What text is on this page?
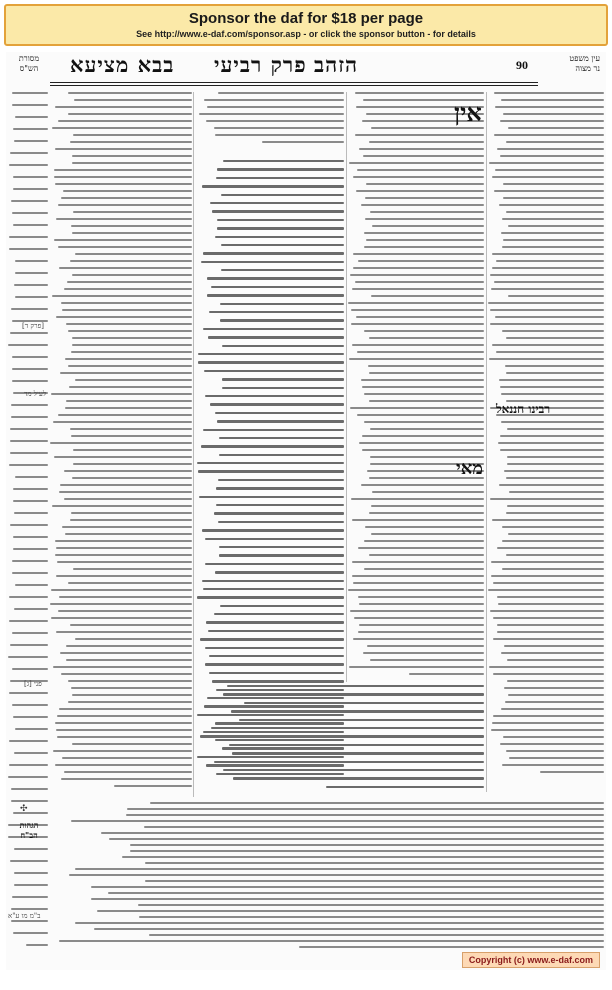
Sponsor the daf for $18 per page
See http://www.e-daf.com/sponsor.asp - or click the sponsor button - for details
מסורת
הש"ס	בבא מציעא פרק רביעי הזהב	90	עין משפט
נר מצוה
אין
מאי
רבינו חננאל
הגהות הב"ח
[פרק ד]
לעיל מד
[ג] פני
ב"מ מו ע"א
✣
Copyright (c) www.e-daf.com
